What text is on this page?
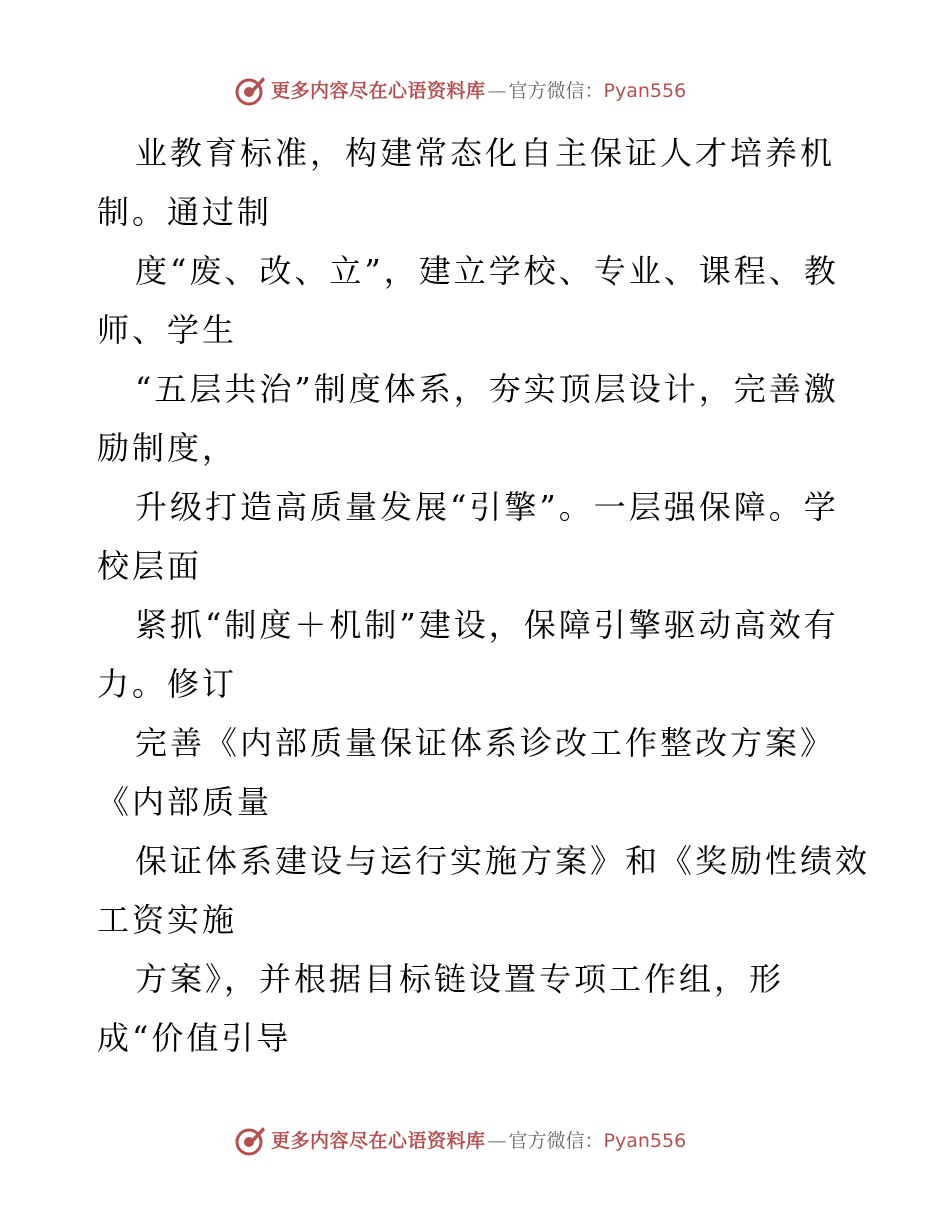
更多内容尽在心语资料库 — 官方微信： Pyan556
业教育标准，构建常态化自主保证人才培养机
制。通过制
度“废、改、立”，建立学校、专业、课程、教
师、学生
“五层共治”制度体系，夯实顶层设计，完善激
励制度，
升级打造高质量发展“引擎”。一层强保障。学
校层面
紧抓“制度＋机制”建设，保障引擎驱动高效有
力。修订
完善《内部质量保证体系诊改工作整改方案》
《内部质量
保证体系建设与运行实施方案》和《奖励性绩效
工资实施
方案》，并根据目标链设置专项工作组，形
成“价值引导
更多内容尽在心语资料库 — 官方微信： Pyan556
